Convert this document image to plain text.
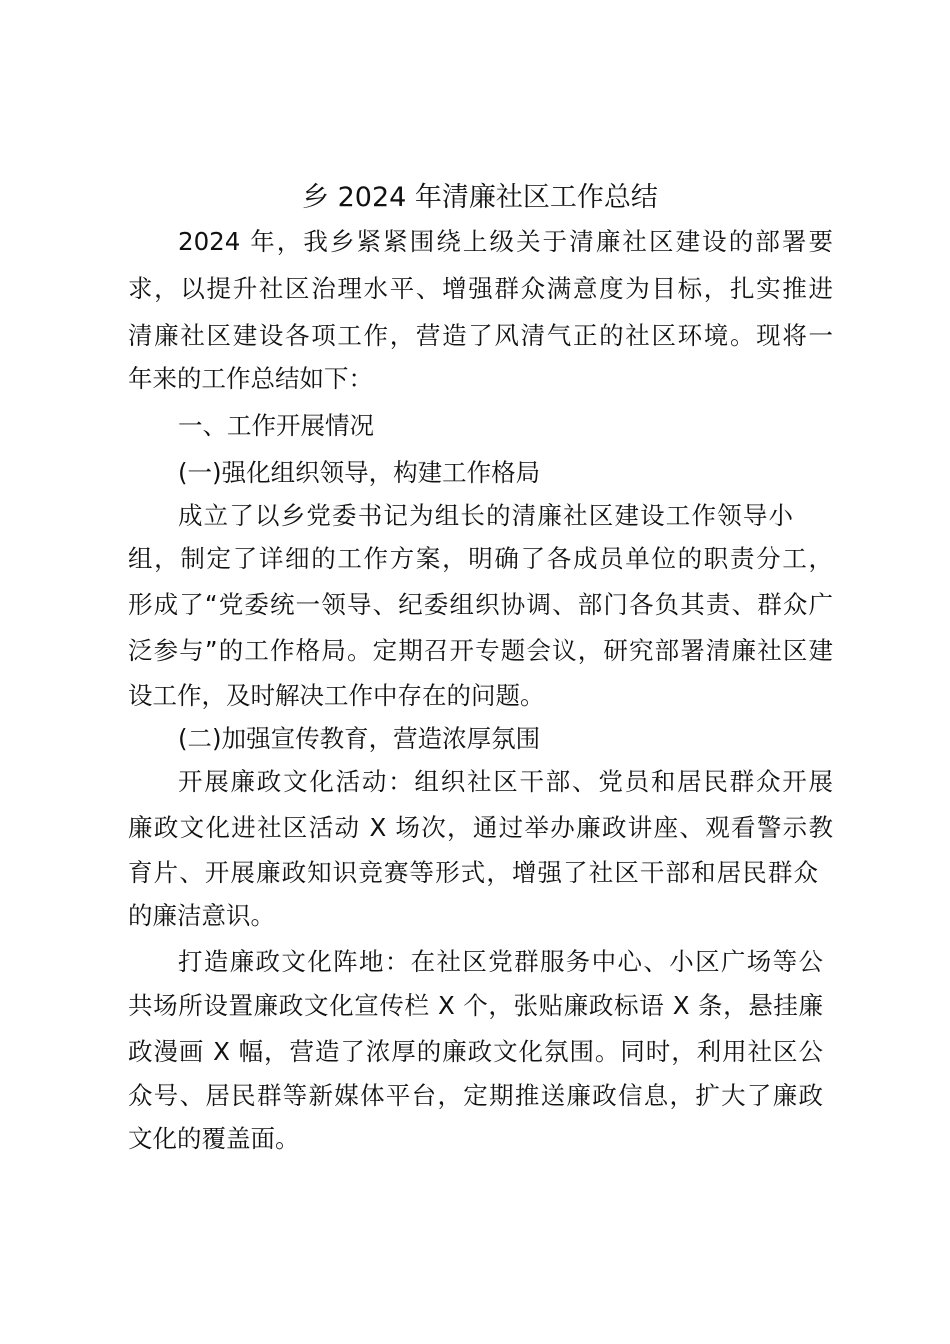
乡 2024 年清廉社区工作总结
2024 年，我乡紧紧围绕上级关于清廉社区建设的部署要
求，以提升社区治理水平、增强群众满意度为目标，扎实推进
清廉社区建设各项工作，营造了风清气正的社区环境。现将一
年来的工作总结如下：
一、工作开展情况
(一)强化组织领导，构建工作格局
成立了以乡党委书记为组长的清廉社区建设工作领导小
组，制定了详细的工作方案，明确了各成员单位的职责分工，
形成了“党委统一领导、纪委组织协调、部门各负其责、群众广
泛参与”的工作格局。定期召开专题会议，研究部署清廉社区建
设工作，及时解决工作中存在的问题。
(二)加强宣传教育，营造浓厚氛围
开展廉政文化活动：组织社区干部、党员和居民群众开展
廉政文化进社区活动 X 场次，通过举办廉政讲座、观看警示教
育片、开展廉政知识竞赛等形式，增强了社区干部和居民群众
的廉洁意识。
打造廉政文化阵地：在社区党群服务中心、小区广场等公
共场所设置廉政文化宣传栏 X 个，张贴廉政标语 X 条，悬挂廉
政漫画 X 幅，营造了浓厚的廉政文化氛围。同时，利用社区公
众号、居民群等新媒体平台，定期推送廉政信息，扩大了廉政
文化的覆盖面。
